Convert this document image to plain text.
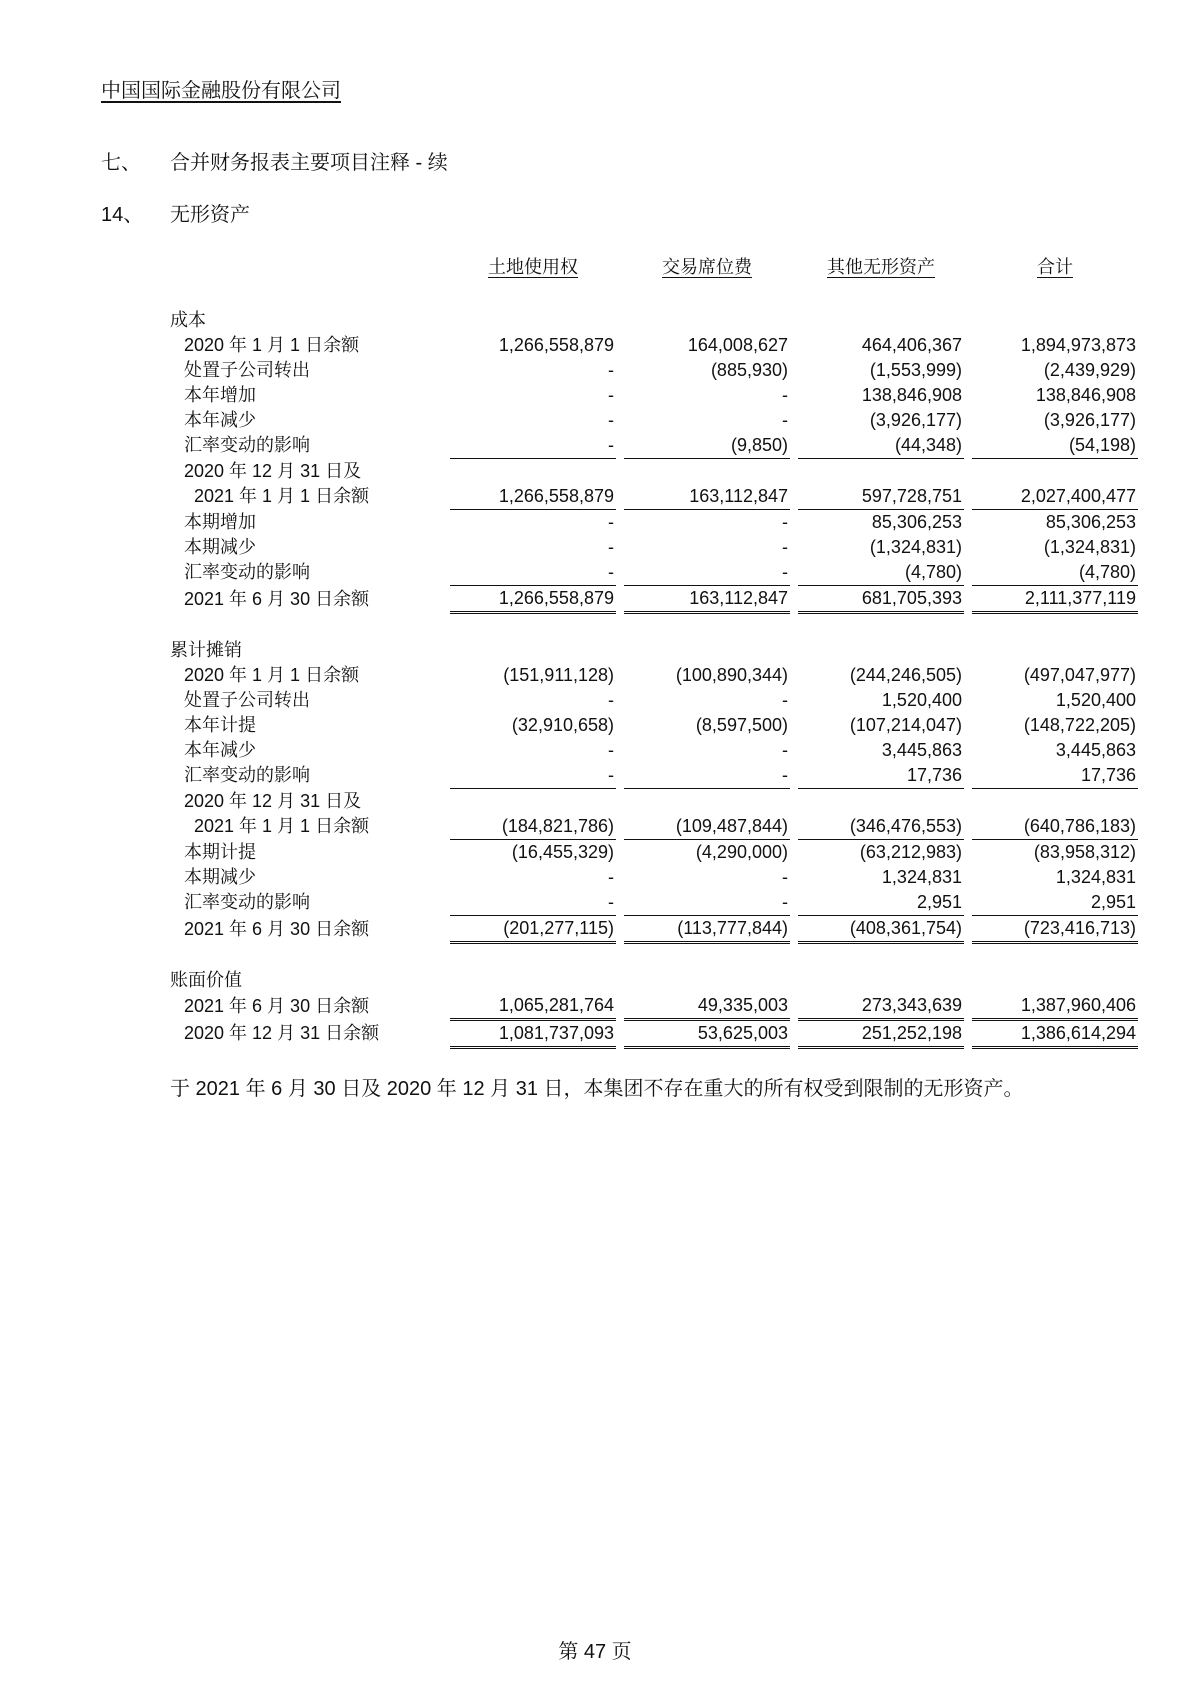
中国国际金融股份有限公司
七、 合并财务报表主要项目注释 - 续
14、 无形资产
	土地使用权		交易席位费		其他无形资产		合计

成本							
2020 年 1 月 1 日余额	1,266,558,879		164,008,627		464,406,367		1,894,973,873
处置子公司转出	-		(885,930)		(1,553,999)		(2,439,929)
本年增加	-		-		138,846,908		138,846,908
本年减少	-		-		(3,926,177)		(3,926,177)
汇率变动的影响	-		(9,850)		(44,348)		(54,198)
2020 年 12 月 31 日及							
2021 年 1 月 1 日余额	1,266,558,879		163,112,847		597,728,751		2,027,400,477
本期增加	-		-		85,306,253		85,306,253
本期减少	-		-		(1,324,831)		(1,324,831)
汇率变动的影响	-		-		(4,780)		(4,780)
2021 年 6 月 30 日余额	1,266,558,879		163,112,847		681,705,393		2,111,377,119

累计摊销							
2020 年 1 月 1 日余额	(151,911,128)		(100,890,344)		(244,246,505)		(497,047,977)
处置子公司转出	-		-		1,520,400		1,520,400
本年计提	(32,910,658)		(8,597,500)		(107,214,047)		(148,722,205)
本年减少	-		-		3,445,863		3,445,863
汇率变动的影响	-		-		17,736		17,736
2020 年 12 月 31 日及							
2021 年 1 月 1 日余额	(184,821,786)		(109,487,844)		(346,476,553)		(640,786,183)
本期计提	(16,455,329)		(4,290,000)		(63,212,983)		(83,958,312)
本期减少	-		-		1,324,831		1,324,831
汇率变动的影响	-		-		2,951		2,951
2021 年 6 月 30 日余额	(201,277,115)		(113,777,844)		(408,361,754)		(723,416,713)

账面价值							
2021 年 6 月 30 日余额	1,065,281,764		49,335,003		273,343,639		1,387,960,406
2020 年 12 月 31 日余额	1,081,737,093		53,625,003		251,252,198		1,386,614,294
于 2021 年 6 月 30 日及 2020 年 12 月 31 日，本集团不存在重大的所有权受到限制的无形资产。
第 47 页
